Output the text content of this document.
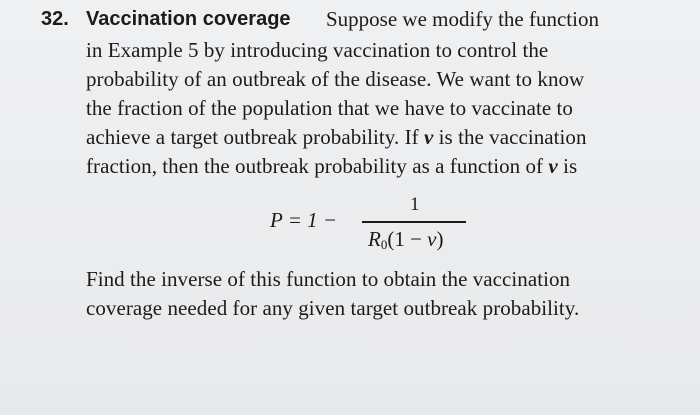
32. Vaccination coverage Suppose we modify the function
in Example 5 by introducing vaccination to control the
probability of an outbreak of the disease. We want to know
the fraction of the population that we have to vaccinate to
achieve a target outbreak probability. If v is the vaccination
fraction, then the outbreak probability as a function of v is
P = 1 −
1
$R_0(1 - v)$
Find the inverse of this function to obtain the vaccination
coverage needed for any given target outbreak probability.
